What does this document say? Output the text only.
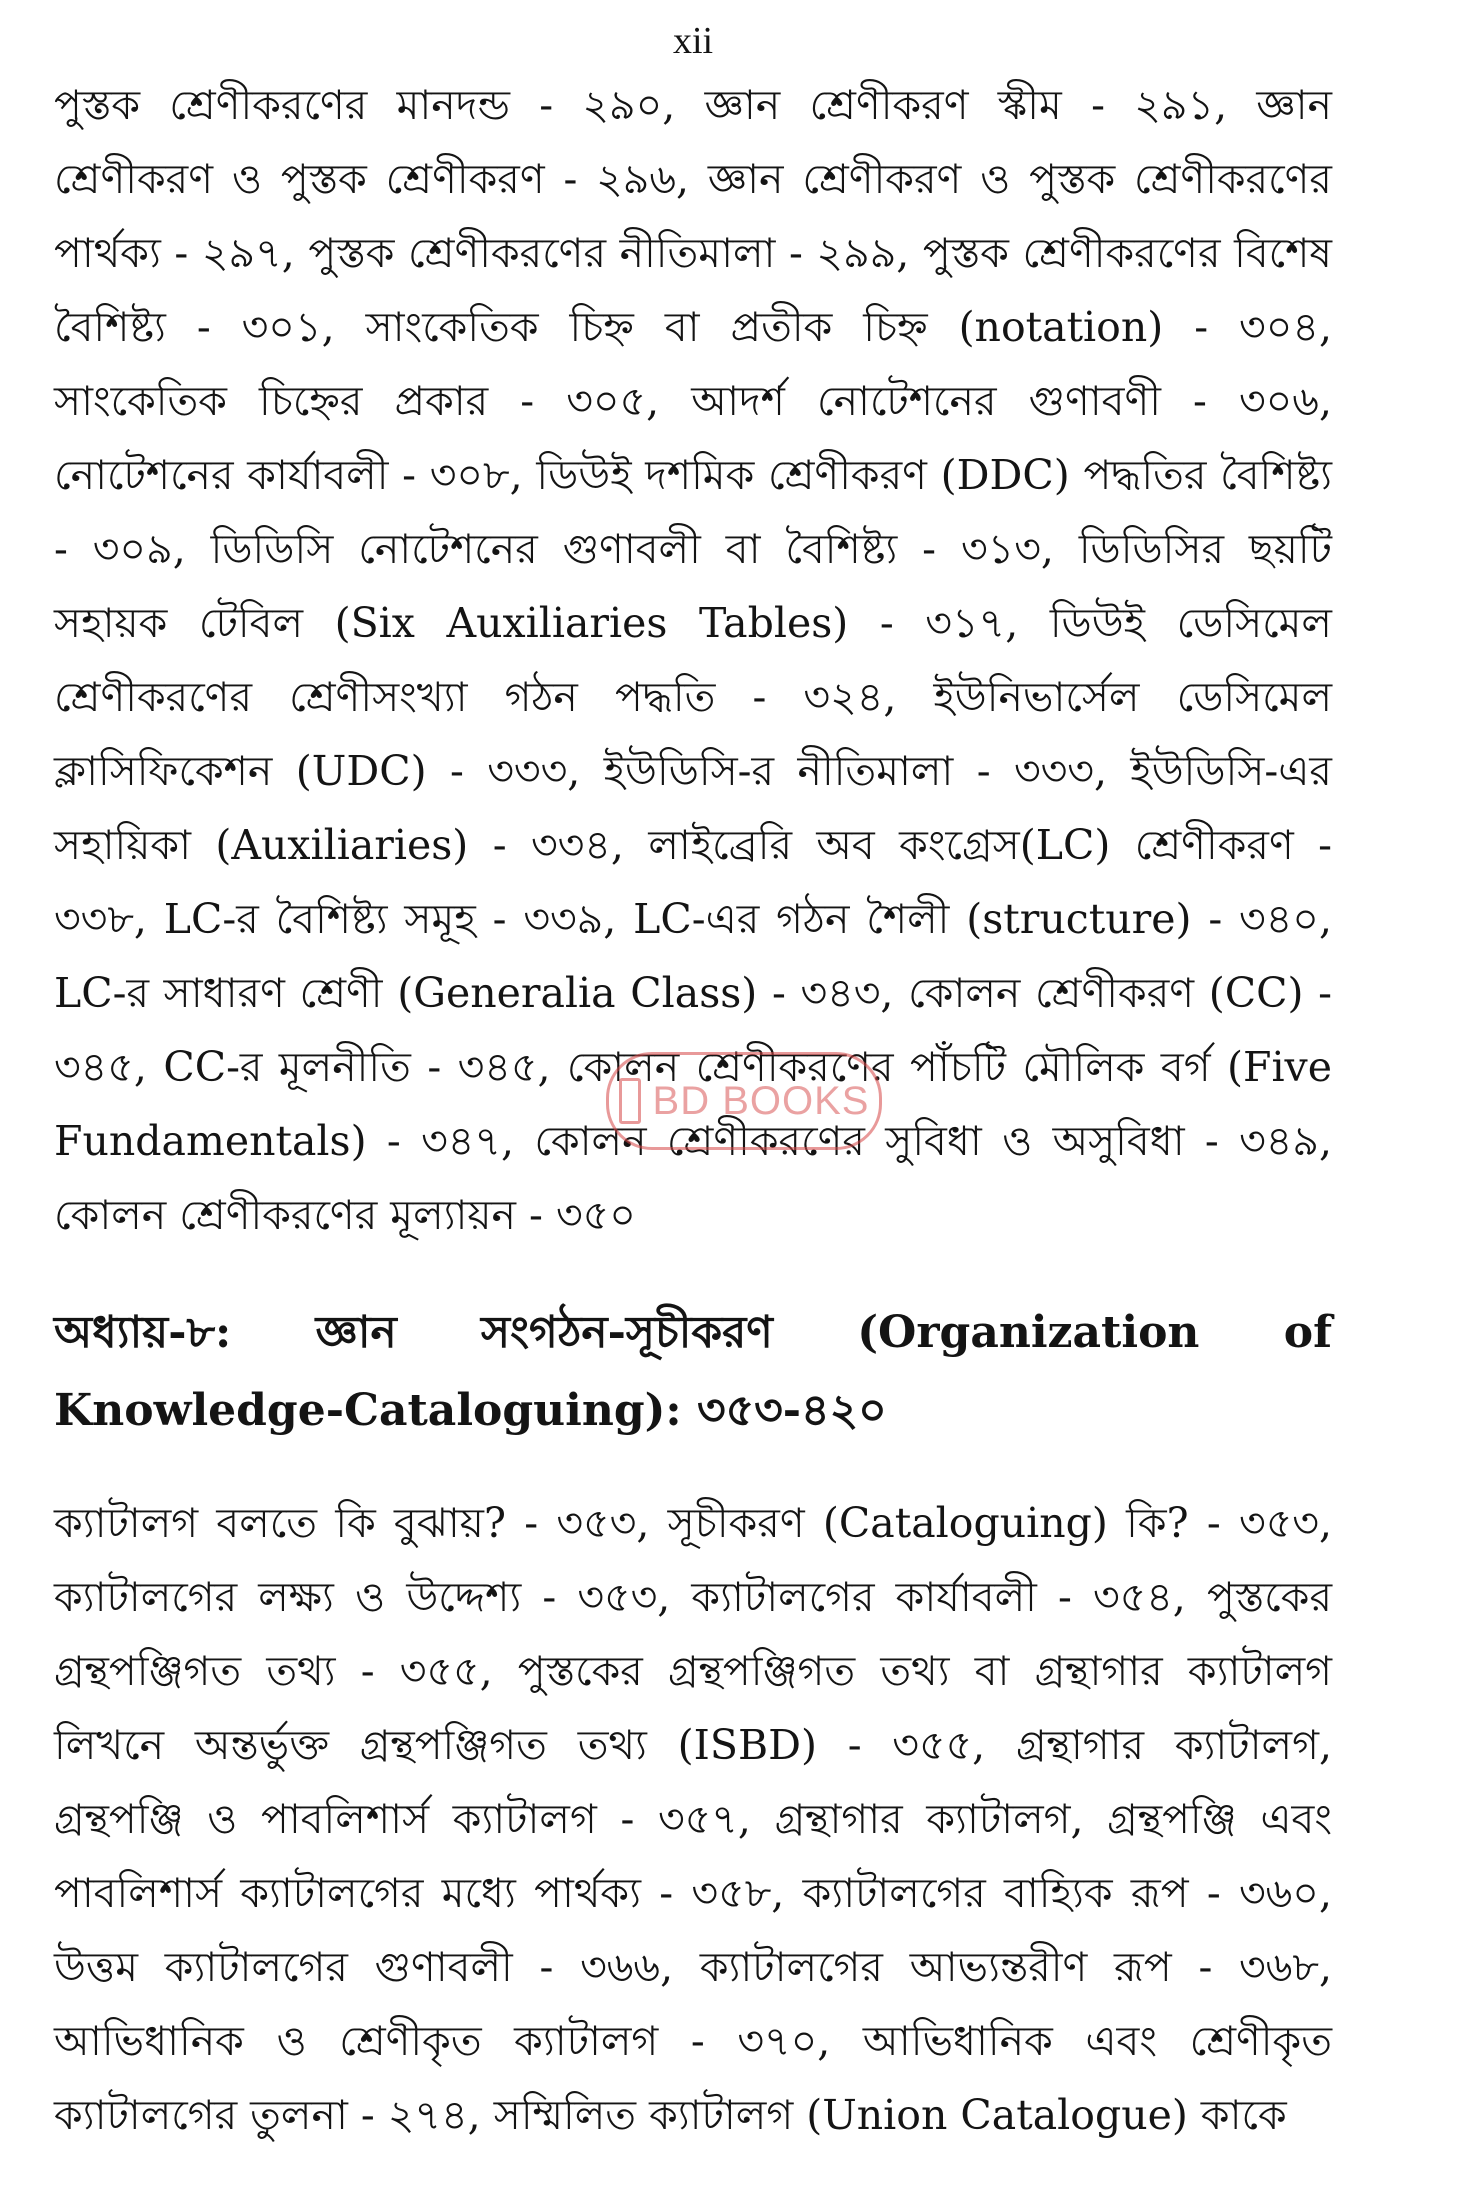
xii

পুস্তক শ্রেণীকরণের মানদন্ড - ২৯০, জ্ঞান শ্রেণীকরণ স্কীম - ২৯১, জ্ঞান শ্রেণীকরণ ও পুস্তক শ্রেণীকরণ - ২৯৬, জ্ঞান শ্রেণীকরণ ও পুস্তক শ্রেণীকরণের পার্থক্য - ২৯৭, পুস্তক শ্রেণীকরণের নীতিমালা - ২৯৯, পুস্তক শ্রেণীকরণের বিশেষ বৈশিষ্ট্য - ৩০১, সাংকেতিক চিহ্ন বা প্রতীক চিহ্ন (notation) - ৩০৪, সাংকেতিক চিহ্নের প্রকার - ৩০৫, আদর্শ নোটেশনের গুণাবণী - ৩০৬, নোটেশনের কার্যাবলী - ৩০৮, ডিউই দশমিক শ্রেণীকরণ (DDC) পদ্ধতির বৈশিষ্ট্য - ৩০৯, ডিডিসি নোটেশনের গুণাবলী বা বৈশিষ্ট্য - ৩১৩, ডিডিসির ছয়টি সহায়ক টেবিল (Six Auxiliaries Tables) - ৩১৭, ডিউই ডেসিমেল শ্রেণীকরণের শ্রেণীসংখ্যা গঠন পদ্ধতি - ৩২৪, ইউনিভার্সেল ডেসিমেল ক্লাসিফিকেশন (UDC) - ৩৩৩, ইউডিসি-র নীতিমালা - ৩৩৩, ইউডিসি-এর সহায়িকা (Auxiliaries) - ৩৩৪, লাইব্রেরি অব কংগ্রেস(LC) শ্রেণীকরণ - ৩৩৮, LC-র বৈশিষ্ট্য সমূহ - ৩৩৯, LC-এর গঠন শৈলী (structure) - ৩৪০, LC-র সাধারণ শ্রেণী (Generalia Class) - ৩৪৩, কোলন শ্রেণীকরণ (CC) - ৩৪৫, CC-র মূলনীতি - ৩৪৫, কোলন শ্রেণীকরণের পাঁচটি মৌলিক বর্গ (Five Fundamentals) - ৩৪৭, কোলন শ্রেণীকরণের সুবিধা ও অসুবিধা - ৩৪৯, কোলন শ্রেণীকরণের মূল্যায়ন - ৩৫০

অধ্যায়-৮: জ্ঞান সংগঠন-সূচীকরণ (Organization of Knowledge-Cataloguing): ৩৫৩-৪২০

ক্যাটালগ বলতে কি বুঝায়? - ৩৫৩, সূচীকরণ (Cataloguing) কি? - ৩৫৩, ক্যাটালগের লক্ষ্য ও উদ্দেশ্য - ৩৫৩, ক্যাটালগের কার্যাবলী - ৩৫৪, পুস্তকের গ্রন্থপঞ্জিগত তথ্য - ৩৫৫, পুস্তকের গ্রন্থপঞ্জিগত তথ্য বা গ্রন্থাগার ক্যাটালগ লিখনে অন্তর্ভুক্ত গ্রন্থপঞ্জিগত তথ্য (ISBD) - ৩৫৫, গ্রন্থাগার ক্যাটালগ, গ্রন্থপঞ্জি ও পাবলিশার্স ক্যাটালগ - ৩৫৭, গ্রন্থাগার ক্যাটালগ, গ্রন্থপঞ্জি এবং পাবলিশার্স ক্যাটালগের মধ্যে পার্থক্য - ৩৫৮, ক্যাটালগের বাহ্যিক রূপ - ৩৬০, উত্তম ক্যাটালগের গুণাবলী - ৩৬৬, ক্যাটালগের আভ্যন্তরীণ রূপ - ৩৬৮, আভিধানিক ও শ্রেণীকৃত ক্যাটালগ - ৩৭০, আভিধানিক এবং শ্রেণীকৃত ক্যাটালগের তুলনা - ২৭৪, সম্মিলিত ক্যাটালগ (Union Catalogue) কাকে

BD BOOKS
